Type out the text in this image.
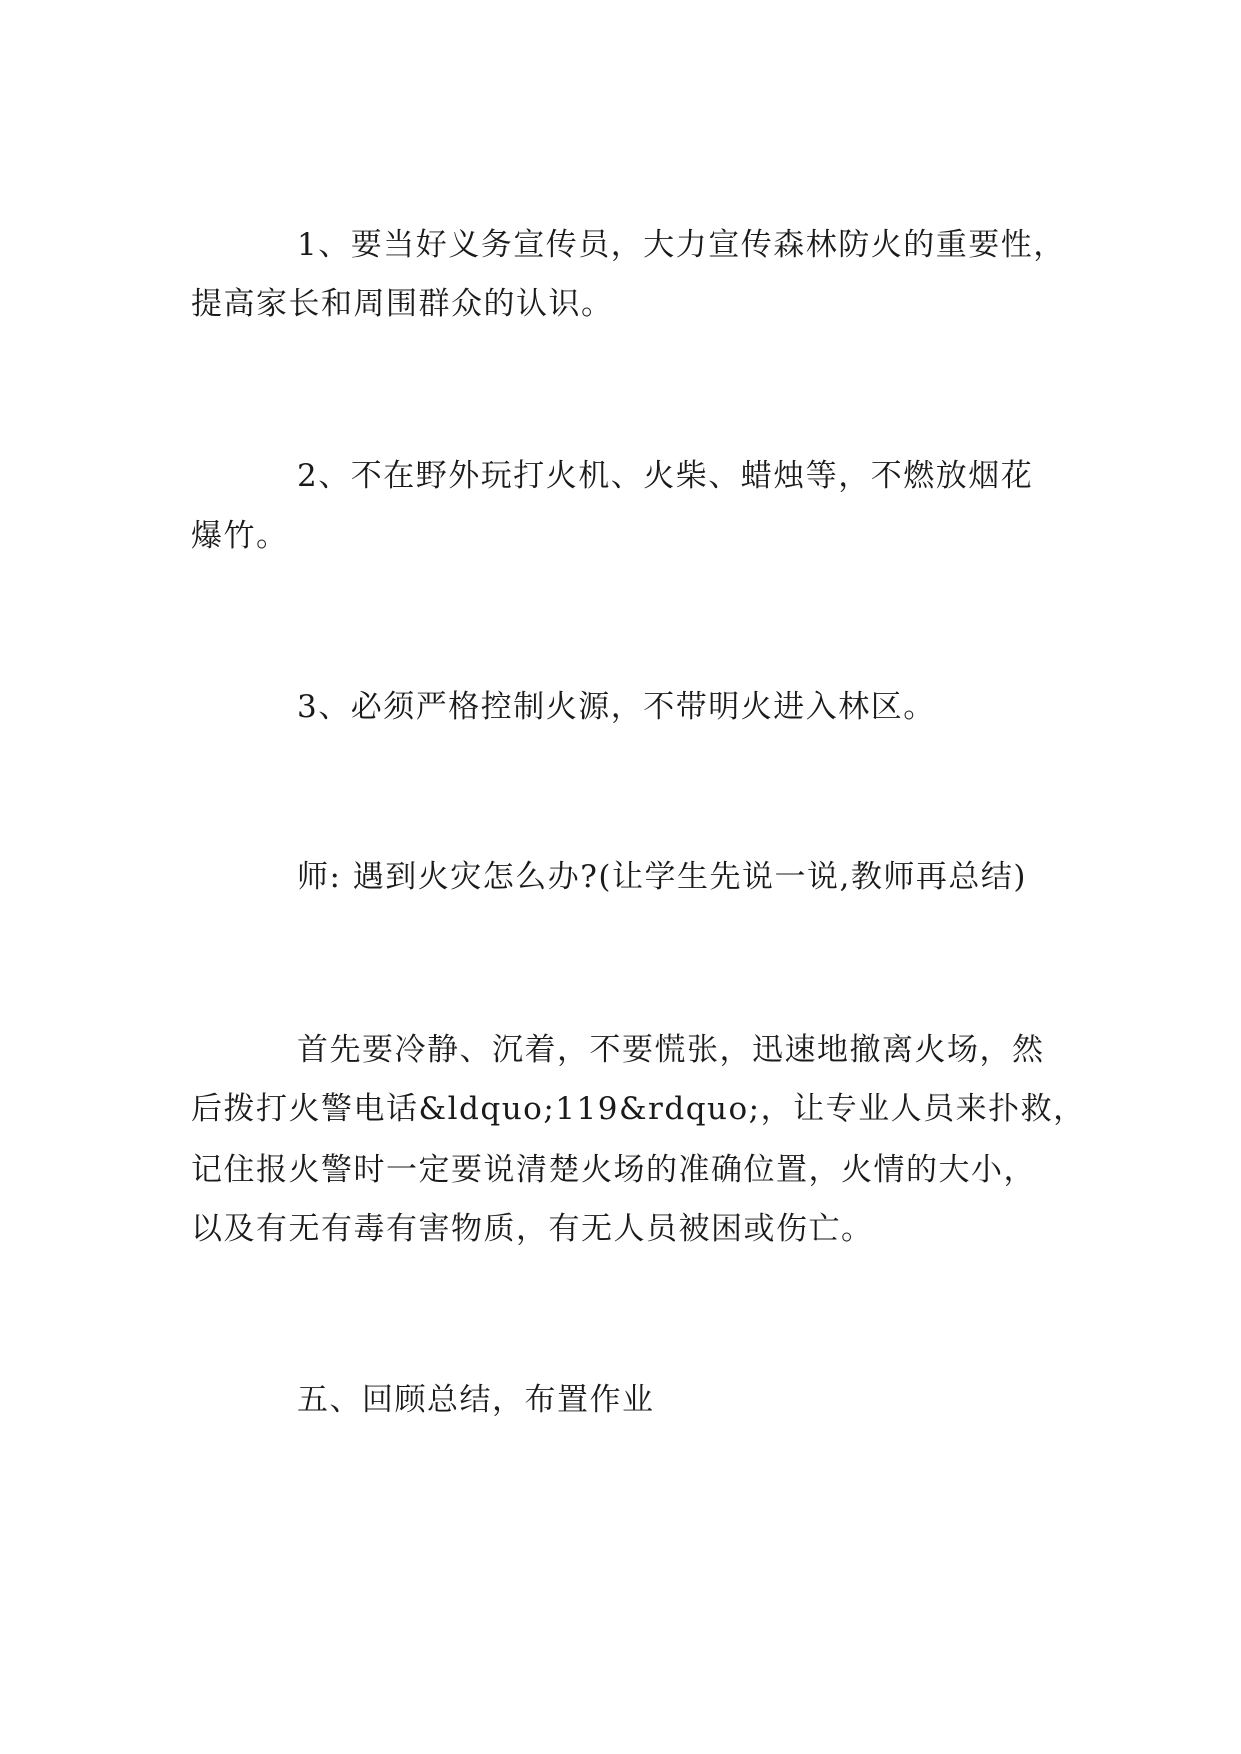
1、要当好义务宣传员，大力宣传森林防火的重要性，
提高家长和周围群众的认识。
2、不在野外玩打火机、火柴、蜡烛等，不燃放烟花
爆竹。
3、必须严格控制火源，不带明火进入林区。
师: 遇到火灾怎么办?(让学生先说一说,教师再总结)
首先要冷静、沉着，不要慌张，迅速地撤离火场，然
后拨打火警电话&ldquo;119&rdquo;，让专业人员来扑救，
记住报火警时一定要说清楚火场的准确位置，火情的大小，
以及有无有毒有害物质，有无人员被困或伤亡。
五、回顾总结，布置作业
